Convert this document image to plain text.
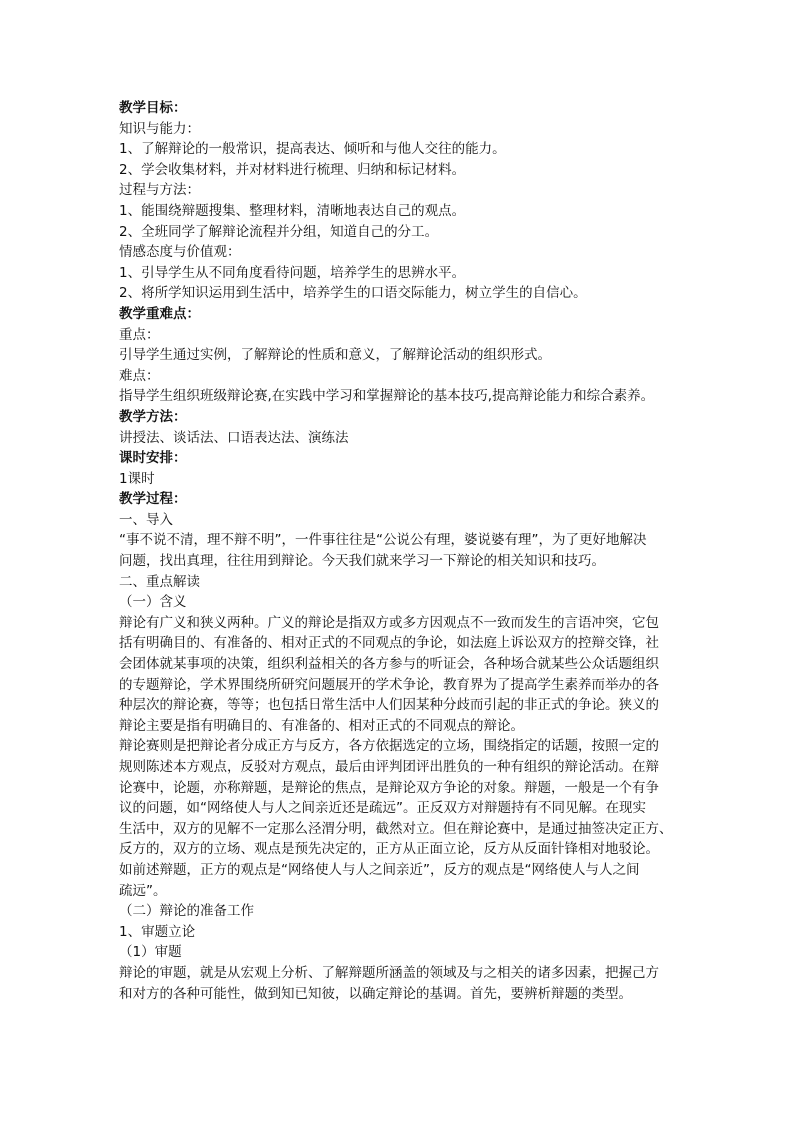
教学目标：
知识与能力：
1、了解辩论的一般常识，提高表达、倾听和与他人交往的能力。
2、学会收集材料，并对材料进行梳理、归纳和标记材料。
过程与方法：
1、能围绕辩题搜集、整理材料，清晰地表达自己的观点。
2、全班同学了解辩论流程并分组，知道自己的分工。
情感态度与价值观：
1、引导学生从不同角度看待问题，培养学生的思辨水平。
2、将所学知识运用到生活中，培养学生的口语交际能力，树立学生的自信心。
教学重难点：
重点：
引导学生通过实例，了解辩论的性质和意义，了解辩论活动的组织形式。
难点：
指导学生组织班级辩论赛,在实践中学习和掌握辩论的基本技巧,提高辩论能力和综合素养。
教学方法：
讲授法、谈话法、口语表达法、演练法
课时安排：
1课时
教学过程：
一、导入
“事不说不清，理不辩不明”，一件事往往是“公说公有理，婆说婆有理”，为了更好地解决
问题，找出真理，往往用到辩论。今天我们就来学习一下辩论的相关知识和技巧。
二、重点解读
（一）含义
辩论有广义和狭义两种。广义的辩论是指双方或多方因观点不一致而发生的言语冲突，它包
括有明确目的、有准备的、相对正式的不同观点的争论，如法庭上诉讼双方的控辩交锋，社
会团体就某事项的决策，组织利益相关的各方参与的听证会，各种场合就某些公众话题组织
的专题辩论，学术界围绕所研究问题展开的学术争论，教育界为了提高学生素养而举办的各
种层次的辩论赛，等等；也包括日常生活中人们因某种分歧而引起的非正式的争论。狭义的
辩论主要是指有明确目的、有准备的、相对正式的不同观点的辩论。
辩论赛则是把辩论者分成正方与反方，各方依据选定的立场，围绕指定的话题，按照一定的
规则陈述本方观点，反驳对方观点，最后由评判团评出胜负的一种有组织的辩论活动。在辩
论赛中，论题，亦称辩题，是辩论的焦点，是辩论双方争论的对象。辩题，一般是一个有争
议的问题，如“网络使人与人之间亲近还是疏远”。正反双方对辩题持有不同见解。在现实
生活中，双方的见解不一定那么泾渭分明，截然对立。但在辩论赛中，是通过抽签决定正方、
反方的，双方的立场、观点是预先决定的，正方从正面立论，反方从反面针锋相对地驳论。
如前述辩题，正方的观点是“网络使人与人之间亲近”，反方的观点是“网络使人与人之间
疏远”。
（二）辩论的准备工作
1、审题立论
（1）审题
辩论的审题，就是从宏观上分析、了解辩题所涵盖的领域及与之相关的诸多因素，把握己方
和对方的各种可能性，做到知已知彼，以确定辩论的基调。首先，要辨析辩题的类型。
